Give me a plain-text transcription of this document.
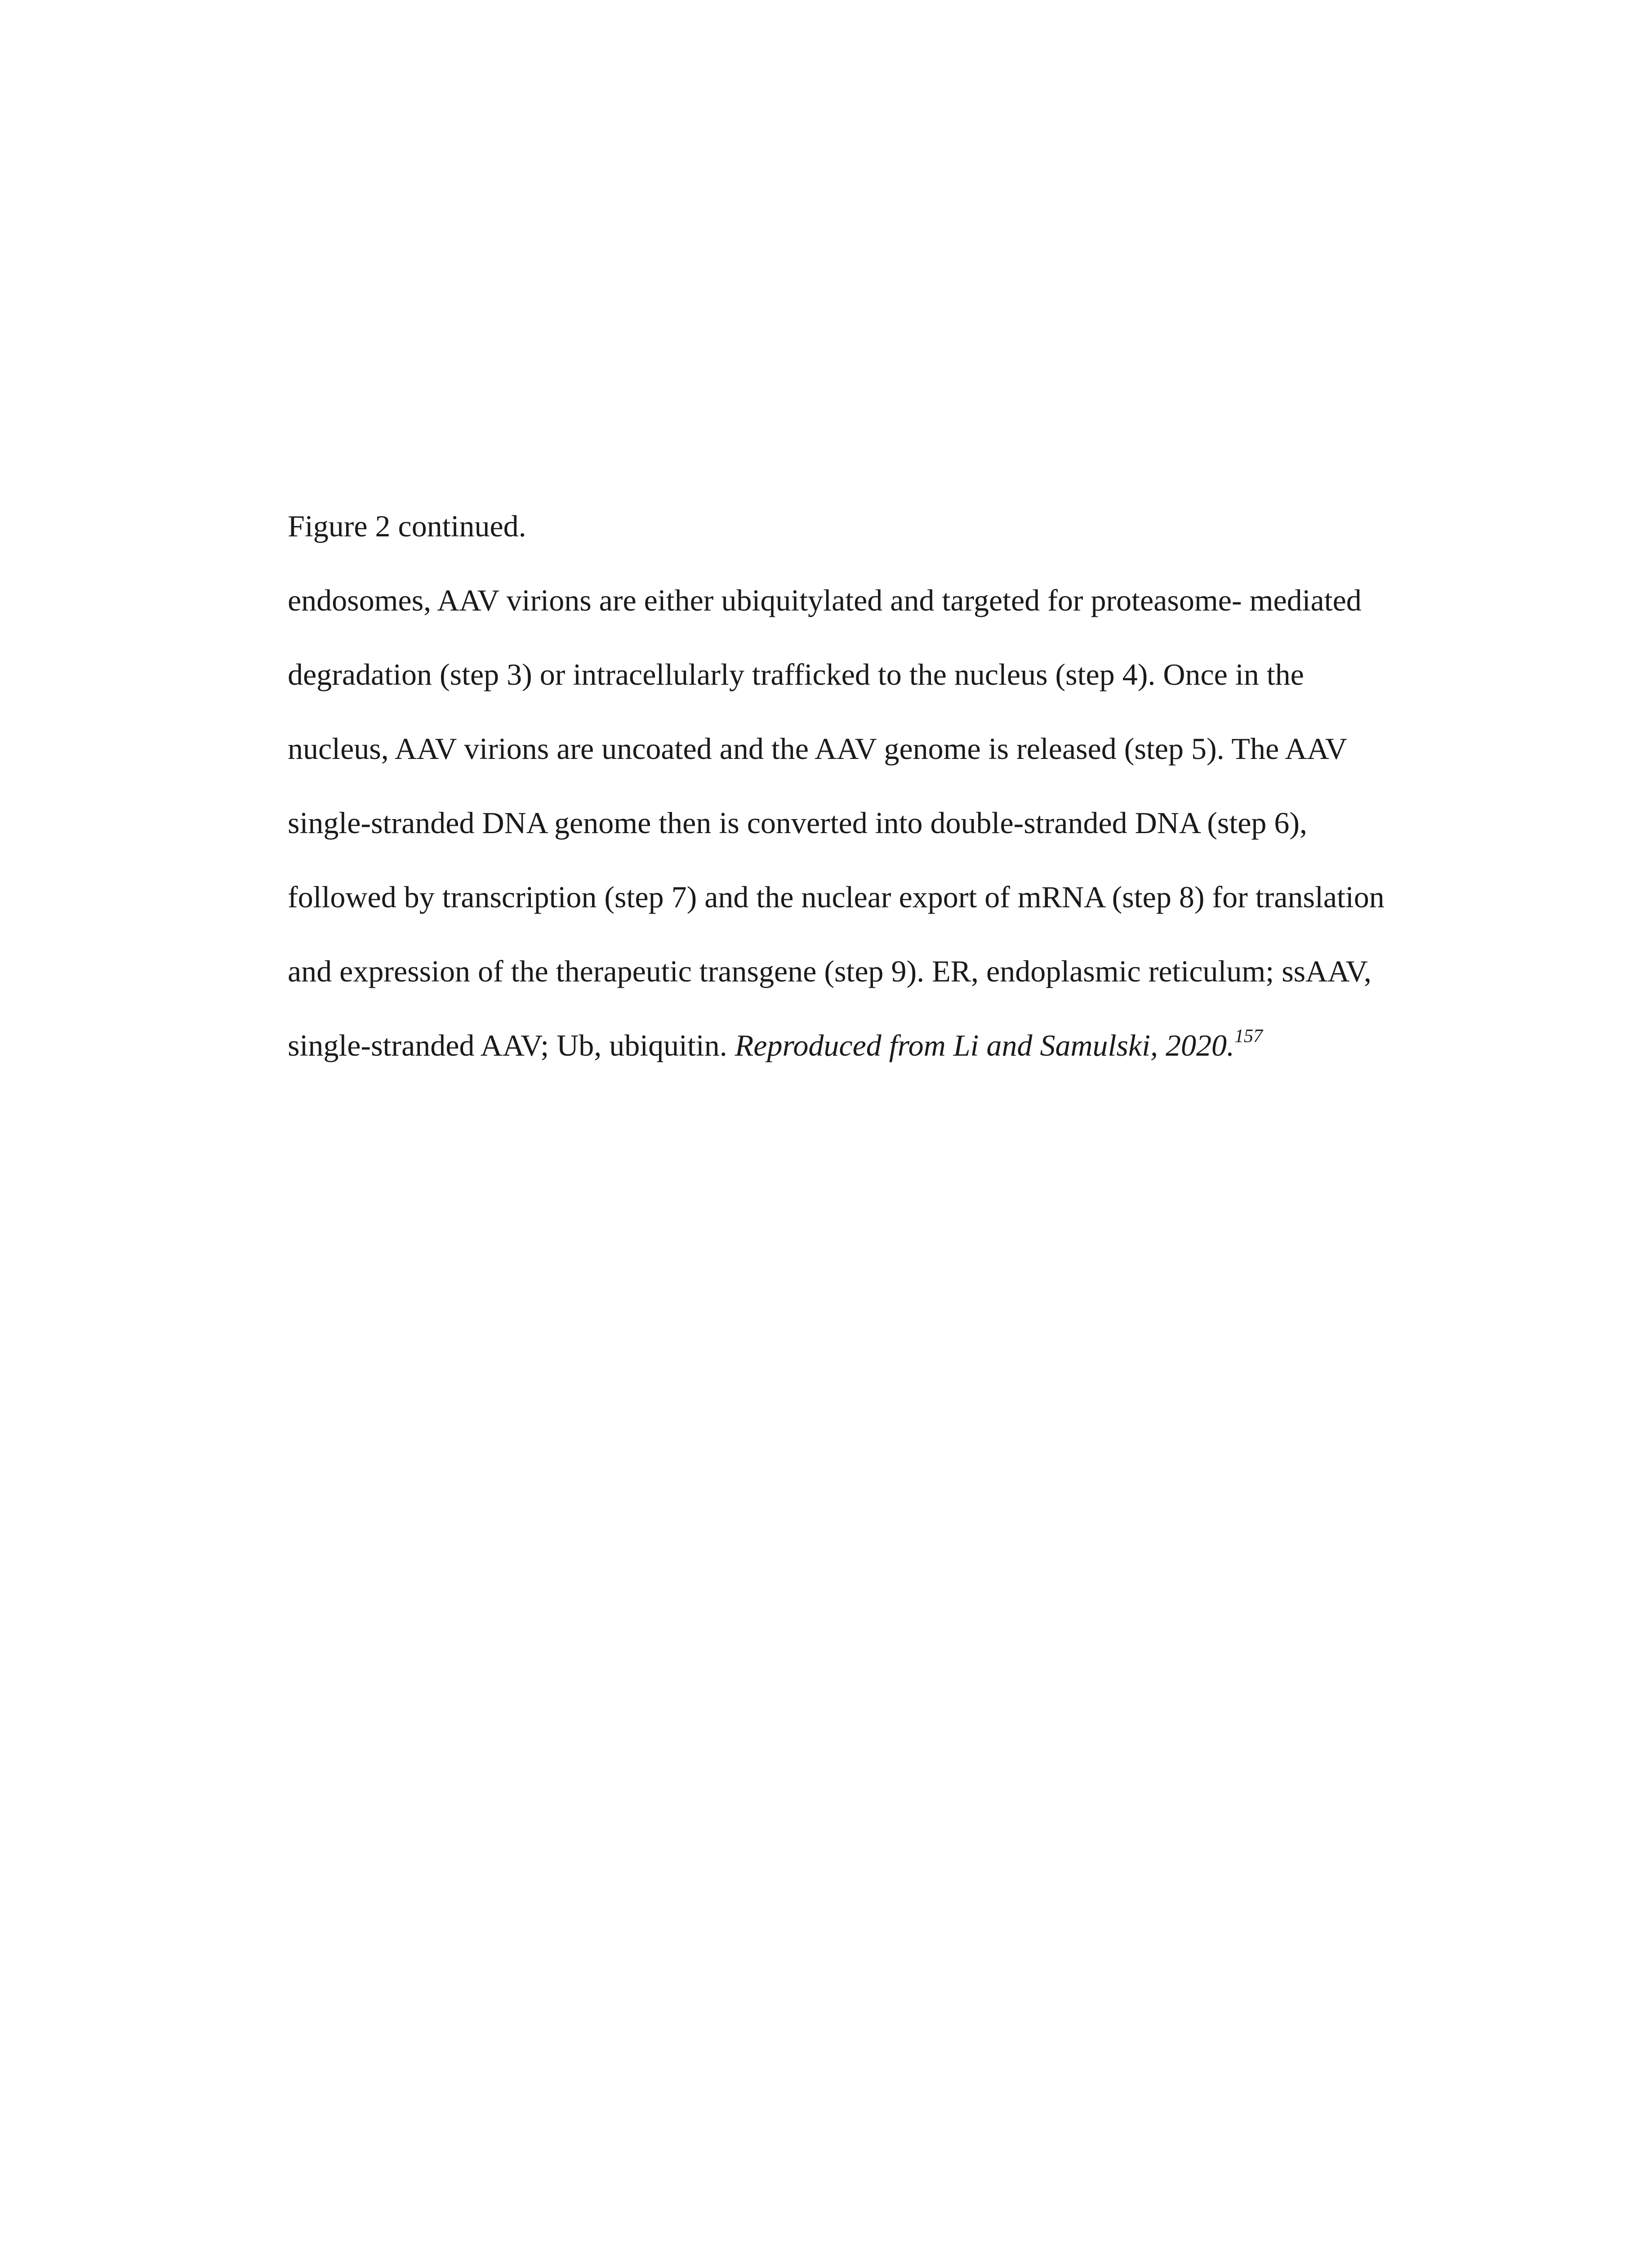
Figure 2 continued.
endosomes, AAV virions are either ubiquitylated and targeted for proteasome- mediated
degradation (step 3) or intracellularly trafficked to the nucleus (step 4). Once in the
nucleus, AAV virions are uncoated and the AAV genome is released (step 5). The AAV
single-stranded DNA genome then is converted into double-stranded DNA (step 6),
followed by transcription (step 7) and the nuclear export of mRNA (step 8) for translation
and expression of the therapeutic transgene (step 9). ER, endoplasmic reticulum; ssAAV,
single-stranded AAV; Ub, ubiquitin. Reproduced from Li and Samulski, 2020.$^{157}$
